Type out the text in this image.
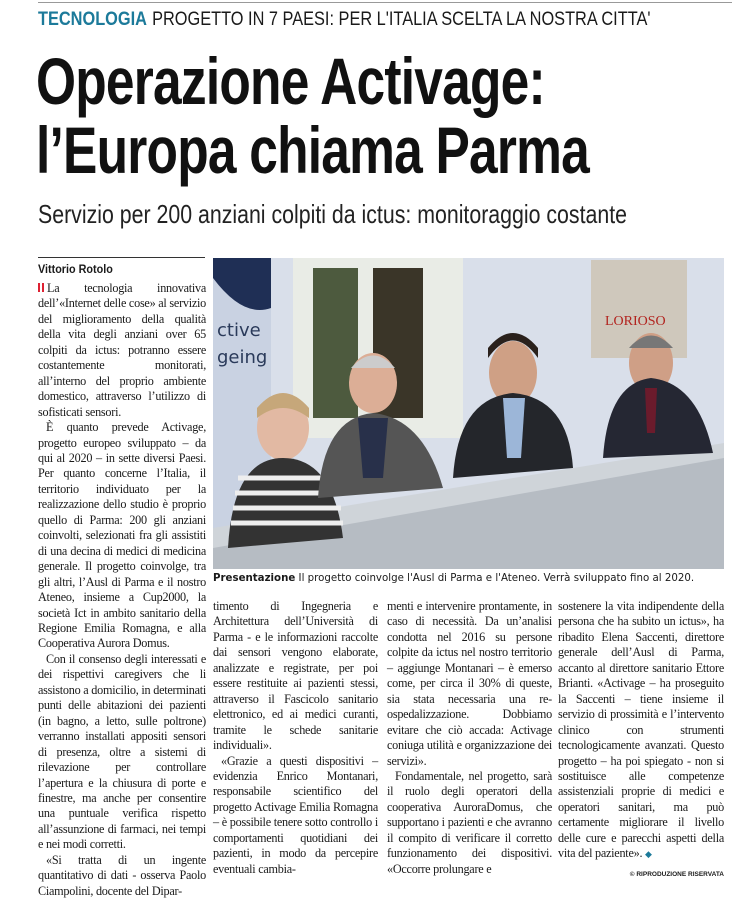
TECNOLOGIA PROGETTO IN 7 PAESI: PER L'ITALIA SCELTA LA NOSTRA CITTA'
Operazione Activage:
l’Europa chiama Parma
Servizio per 200 anziani colpiti da ictus: monitoraggio costante
Vittorio Rotolo

La tecnologia innovativa dell’«Internet delle cose» al servizio del miglioramento della qualità della vita degli anziani over 65 colpiti da ictus: potranno essere costantemente monitorati, all’interno del proprio ambiente domestico, attraverso l’utilizzo di sofisticati sensori.

È quanto prevede Activage, progetto europeo sviluppato – da qui al 2020 – in sette diversi Paesi. Per quanto concerne l’Italia, il territorio individuato per la realizzazione dello studio è proprio quello di Parma: 200 gli anziani coinvolti, selezionati fra gli assistiti di una decina di medici di medicina generale. Il progetto coinvolge, tra gli altri, l’Ausl di Parma e il nostro Ateneo, insieme a Cup2000, la società Ict in ambito sanitario della Regione Emilia Romagna, e alla Cooperativa Aurora Domus.

Con il consenso degli interessati e dei rispettivi caregivers che li assistono a domicilio, in determinati punti delle abitazioni dei pazienti (in bagno, a letto, sulle poltrone) verranno installati appositi sensori di presenza, oltre a sistemi di rilevazione per controllare l’apertura e la chiusura di porte e finestre, ma anche per consentire una puntuale verifica rispetto all’assunzione di farmaci, nei tempi e nei modi corretti.

«Si tratta di un ingente quantitativo di dati - osserva Paolo Ciampolini, docente del Dipar-

ctive
geing
LORIOSO
Presentazione Il progetto coinvolge l'Ausl di Parma e l'Ateneo. Verrà sviluppato fino al 2020.

timento di Ingegneria e Architettura dell’Università di Parma - e le informazioni raccolte dai sensori vengono elaborate, analizzate e registrate, per poi essere restituite ai pazienti stessi, attraverso il Fascicolo sanitario elettronico, ed ai medici curanti, tramite le schede sanitarie individuali».

«Grazie a questi dispositivi – evidenzia Enrico Montanari, responsabile scientifico del progetto Activage Emilia Romagna – è possibile tenere sotto controllo i comportamenti quotidiani dei pazienti, in modo da percepire eventuali cambia-

menti e intervenire prontamente, in caso di necessità. Da un’analisi condotta nel 2016 su persone colpite da ictus nel nostro territorio – aggiunge Montanari – è emerso come, per circa il 30% di queste, sia stata necessaria una re-ospedalizzazione. Dobbiamo evitare che ciò accada: Activage coniuga utilità e organizzazione dei servizi».

Fondamentale, nel progetto, sarà il ruolo degli operatori della cooperativa AuroraDomus, che supportano i pazienti e che avranno il compito di verificare il corretto funzionamento dei dispositivi. «Occorre prolungare e

sostenere la vita indipendente della persona che ha subito un ictus», ha ribadito Elena Saccenti, direttore generale dell’Ausl di Parma, accanto al direttore sanitario Ettore Brianti. «Activage – ha proseguito la Saccenti – tiene insieme il servizio di prossimità e l’intervento clinico con strumenti tecnologicamente avanzati. Questo progetto – ha poi spiegato - non si sostituisce alle competenze assistenziali proprie di medici e operatori sanitari, ma può certamente migliorare il livello delle cure e parecchi aspetti della vita del paziente». ◆

© RIPRODUZIONE RISERVATA
